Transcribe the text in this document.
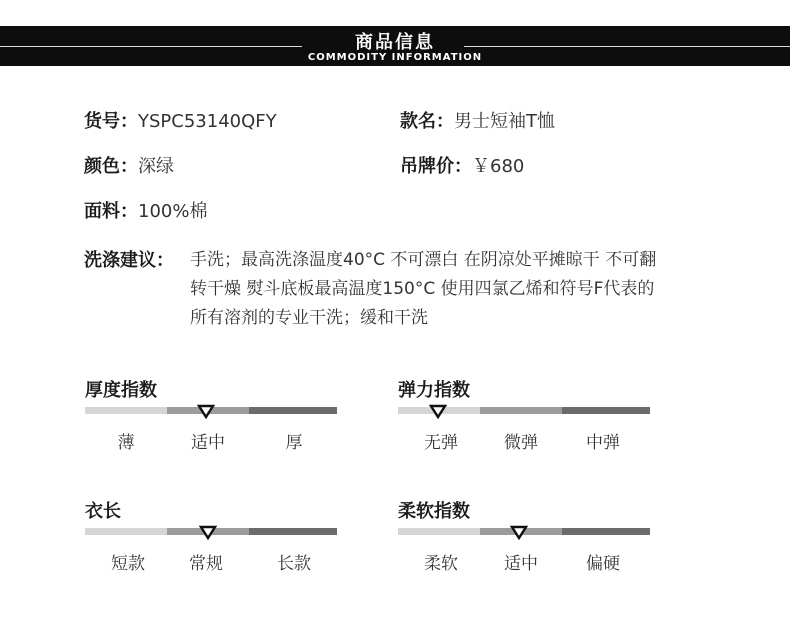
商品信息
COMMODITY INFORMATION
货号：YSPC53140QFY	款名：男士短袖T恤
颜色：深绿	吊牌价：￥680
面料：100%棉
洗涤建议： 手洗；最高洗涤温度40°C 不可漂白 在阴凉处平摊晾干 不可翻
转干燥 熨斗底板最高温度150°C 使用四氯乙烯和符号F代表的
所有溶剂的专业干洗；缓和干洗
厚度指数
薄	适中	厚
弹力指数
无弹	微弹	中弹
衣长
短款	常规	长款
柔软指数
柔软	适中	偏硬
